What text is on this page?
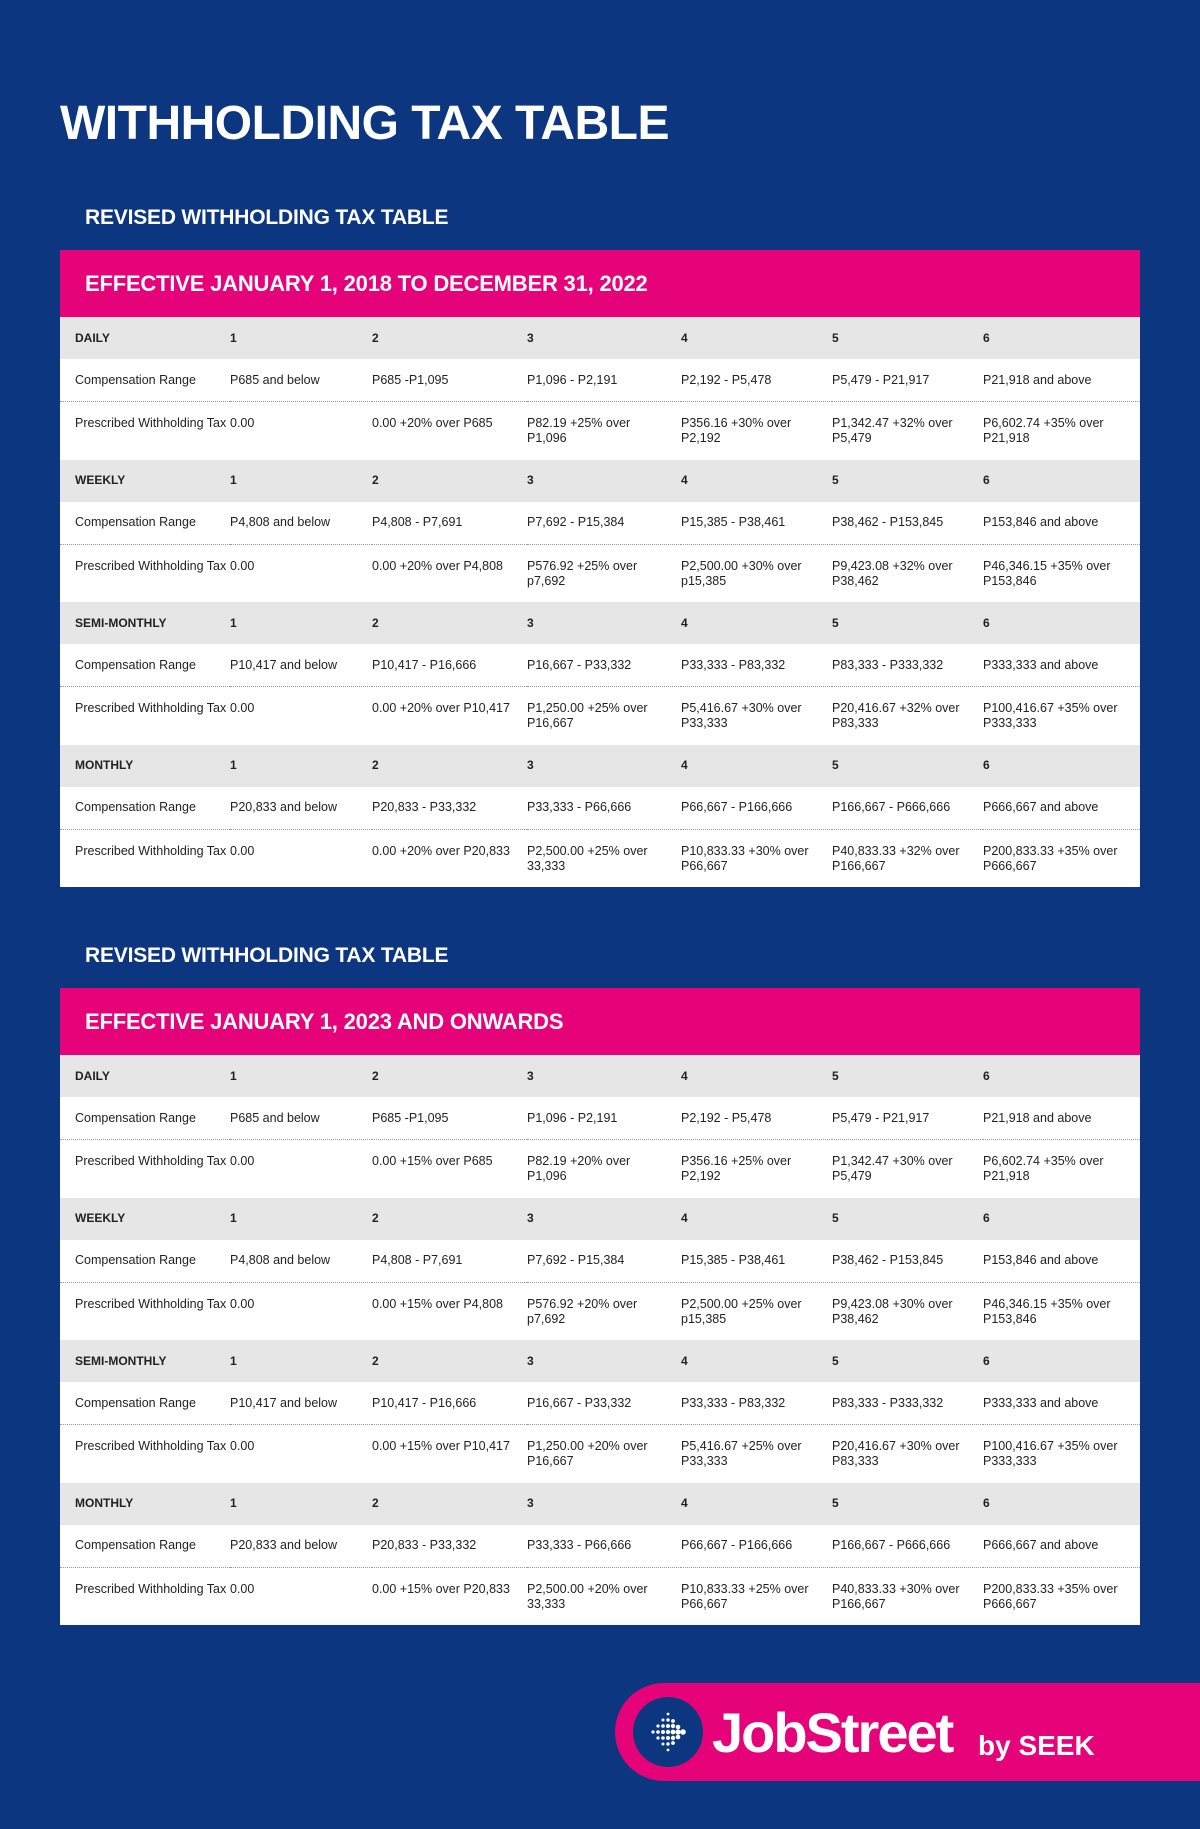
WITHHOLDING TAX TABLE
REVISED WITHHOLDING TAX TABLE
EFFECTIVE JANUARY 1, 2018 TO DECEMBER 31, 2022
DAILY	1	2	3	4	5	6
Compensation Range	P685 and below	P685 -P1,095	P1,096 - P2,191	P2,192 - P5,478	P5,479 - P21,917	P21,918 and above
Prescribed Withholding Tax	0.00	0.00 +20% over P685	P82.19 +25% over P1,096	P356.16 +30% over P2,192	P1,342.47 +32% over P5,479	P6,602.74 +35% over P21,918
WEEKLY	1	2	3	4	5	6
Compensation Range	P4,808 and below	P4,808 - P7,691	P7,692 - P15,384	P15,385 - P38,461	P38,462 - P153,845	P153,846 and above
Prescribed Withholding Tax	0.00	0.00 +20% over P4,808	P576.92 +25% over p7,692	P2,500.00 +30% over p15,385	P9,423.08 +32% over P38,462	P46,346.15 +35% over P153,846
SEMI-MONTHLY	1	2	3	4	5	6
Compensation Range	P10,417 and below	P10,417 - P16,666	P16,667 - P33,332	P33,333 - P83,332	P83,333 - P333,332	P333,333 and above
Prescribed Withholding Tax	0.00	0.00 +20% over P10,417	P1,250.00 +25% over P16,667	P5,416.67 +30% over P33,333	P20,416.67 +32% over P83,333	P100,416.67 +35% over P333,333
MONTHLY	1	2	3	4	5	6
Compensation Range	P20,833 and below	P20,833 - P33,332	P33,333 - P66,666	P66,667 - P166,666	P166,667 - P666,666	P666,667 and above
Prescribed Withholding Tax	0.00	0.00 +20% over P20,833	P2,500.00 +25% over 33,333	P10,833.33 +30% over P66,667	P40,833.33 +32% over P166,667	P200,833.33 +35% over P666,667
REVISED WITHHOLDING TAX TABLE
EFFECTIVE JANUARY 1, 2023 AND ONWARDS
DAILY	1	2	3	4	5	6
Compensation Range	P685 and below	P685 -P1,095	P1,096 - P2,191	P2,192 - P5,478	P5,479 - P21,917	P21,918 and above
Prescribed Withholding Tax	0.00	0.00 +15% over P685	P82.19 +20% over P1,096	P356.16 +25% over P2,192	P1,342.47 +30% over P5,479	P6,602.74 +35% over P21,918
WEEKLY	1	2	3	4	5	6
Compensation Range	P4,808 and below	P4,808 - P7,691	P7,692 - P15,384	P15,385 - P38,461	P38,462 - P153,845	P153,846 and above
Prescribed Withholding Tax	0.00	0.00 +15% over P4,808	P576.92 +20% over p7,692	P2,500.00 +25% over p15,385	P9,423.08 +30% over P38,462	P46,346.15 +35% over P153,846
SEMI-MONTHLY	1	2	3	4	5	6
Compensation Range	P10,417 and below	P10,417 - P16,666	P16,667 - P33,332	P33,333 - P83,332	P83,333 - P333,332	P333,333 and above
Prescribed Withholding Tax	0.00	0.00 +15% over P10,417	P1,250.00 +20% over P16,667	P5,416.67 +25% over P33,333	P20,416.67 +30% over P83,333	P100,416.67 +35% over P333,333
MONTHLY	1	2	3	4	5	6
Compensation Range	P20,833 and below	P20,833 - P33,332	P33,333 - P66,666	P66,667 - P166,666	P166,667 - P666,666	P666,667 and above
Prescribed Withholding Tax	0.00	0.00 +15% over P20,833	P2,500.00 +20% over 33,333	P10,833.33 +25% over P66,667	P40,833.33 +30% over P166,667	P200,833.33 +35% over P666,667
JobStreet by SEEK
